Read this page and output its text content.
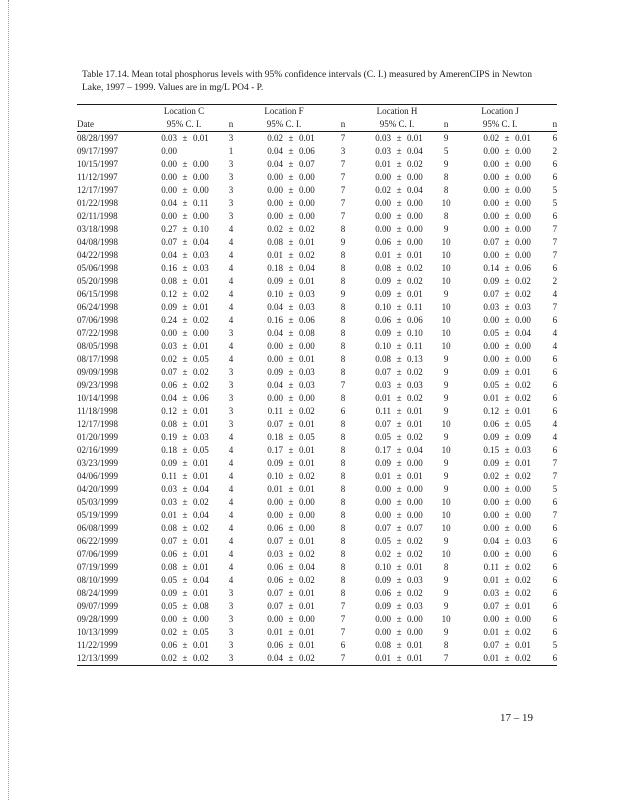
Table 17.14. Mean total phosphorus levels with 95% confidence intervals (C. I.) measured by AmerenCIPS in Newton Lake, 1997 – 1999. Values are in mg/L PO4 - P.
	Location C				Location F				Location H				Location J			
Date	95% C. I.			n	95% C. I.			n	95% C. I.			n	95% C. I.			n
08/28/1997	0.03	±	0.01	3	0.02	±	0.01	7	0.03	±	0.01	9	0.02	±	0.01	6
09/17/1997	0.00			1	0.04	±	0.06	3	0.03	±	0.04	5	0.00	±	0.00	2
10/15/1997	0.00	±	0.00	3	0.04	±	0.07	7	0.01	±	0.02	9	0.00	±	0.00	6
11/12/1997	0.00	±	0.00	3	0.00	±	0.00	7	0.00	±	0.00	8	0.00	±	0.00	6
12/17/1997	0.00	±	0.00	3	0.00	±	0.00	7	0.02	±	0.04	8	0.00	±	0.00	5
01/22/1998	0.04	±	0.11	3	0.00	±	0.00	7	0.00	±	0.00	10	0.00	±	0.00	5
02/11/1998	0.00	±	0.00	3	0.00	±	0.00	7	0.00	±	0.00	8	0.00	±	0.00	6
03/18/1998	0.27	±	0.10	4	0.02	±	0.02	8	0.00	±	0.00	9	0.00	±	0.00	7
04/08/1998	0.07	±	0.04	4	0.08	±	0.01	9	0.06	±	0.00	10	0.07	±	0.00	7
04/22/1998	0.04	±	0.03	4	0.01	±	0.02	8	0.01	±	0.01	10	0.00	±	0.00	7
05/06/1998	0.16	±	0.03	4	0.18	±	0.04	8	0.08	±	0.02	10	0.14	±	0.06	6
05/20/1998	0.08	±	0.01	4	0.09	±	0.01	8	0.09	±	0.02	10	0.09	±	0.02	2
06/15/1998	0.12	±	0.02	4	0.10	±	0.03	9	0.09	±	0.01	9	0.07	±	0.02	4
06/24/1998	0.09	±	0.01	4	0.04	±	0.03	8	0.10	±	0.11	10	0.03	±	0.03	7
07/06/1998	0.24	±	0.02	4	0.16	±	0.06	8	0.06	±	0.06	10	0.00	±	0.00	6
07/22/1998	0.00	±	0.00	3	0.04	±	0.08	8	0.09	±	0.10	10	0.05	±	0.04	4
08/05/1998	0.03	±	0.01	4	0.00	±	0.00	8	0.10	±	0.11	10	0.00	±	0.00	4
08/17/1998	0.02	±	0.05	4	0.00	±	0.01	8	0.08	±	0.13	9	0.00	±	0.00	6
09/09/1998	0.07	±	0.02	3	0.09	±	0.03	8	0.07	±	0.02	9	0.09	±	0.01	6
09/23/1998	0.06	±	0.02	3	0.04	±	0.03	7	0.03	±	0.03	9	0.05	±	0.02	6
10/14/1998	0.04	±	0.06	3	0.00	±	0.00	8	0.01	±	0.02	9	0.01	±	0.02	6
11/18/1998	0.12	±	0.01	3	0.11	±	0.02	6	0.11	±	0.01	9	0.12	±	0.01	6
12/17/1998	0.08	±	0.01	3	0.07	±	0.01	8	0.07	±	0.01	10	0.06	±	0.05	4
01/20/1999	0.19	±	0.03	4	0.18	±	0.05	8	0.05	±	0.02	9	0.09	±	0.09	4
02/16/1999	0.18	±	0.05	4	0.17	±	0.01	8	0.17	±	0.04	10	0.15	±	0.03	6
03/23/1999	0.09	±	0.01	4	0.09	±	0.01	8	0.09	±	0.00	9	0.09	±	0.01	7
04/06/1999	0.11	±	0.01	4	0.10	±	0.02	8	0.01	±	0.01	9	0.02	±	0.02	7
04/20/1999	0.03	±	0.04	4	0.01	±	0.01	8	0.00	±	0.00	9	0.00	±	0.00	5
05/03/1999	0.03	±	0.02	4	0.00	±	0.00	8	0.00	±	0.00	10	0.00	±	0.00	6
05/19/1999	0.01	±	0.04	4	0.00	±	0.00	8	0.00	±	0.00	10	0.00	±	0.00	7
06/08/1999	0.08	±	0.02	4	0.06	±	0.00	8	0.07	±	0.07	10	0.00	±	0.00	6
06/22/1999	0.07	±	0.01	4	0.07	±	0.01	8	0.05	±	0.02	9	0.04	±	0.03	6
07/06/1999	0.06	±	0.01	4	0.03	±	0.02	8	0.02	±	0.02	10	0.00	±	0.00	6
07/19/1999	0.08	±	0.01	4	0.06	±	0.04	8	0.10	±	0.01	8	0.11	±	0.02	6
08/10/1999	0.05	±	0.04	4	0.06	±	0.02	8	0.09	±	0.03	9	0.01	±	0.02	6
08/24/1999	0.09	±	0.01	3	0.07	±	0.01	8	0.06	±	0.02	9	0.03	±	0.02	6
09/07/1999	0.05	±	0.08	3	0.07	±	0.01	7	0.09	±	0.03	9	0.07	±	0.01	6
09/28/1999	0.00	±	0.00	3	0.00	±	0.00	7	0.00	±	0.00	10	0.00	±	0.00	6
10/13/1999	0.02	±	0.05	3	0.01	±	0.01	7	0.00	±	0.00	9	0.01	±	0.02	6
11/22/1999	0.06	±	0.01	3	0.06	±	0.01	6	0.08	±	0.01	8	0.07	±	0.01	5
12/13/1999	0.02	±	0.02	3	0.04	±	0.02	7	0.01	±	0.01	7	0.01	±	0.02	6
17 – 19
